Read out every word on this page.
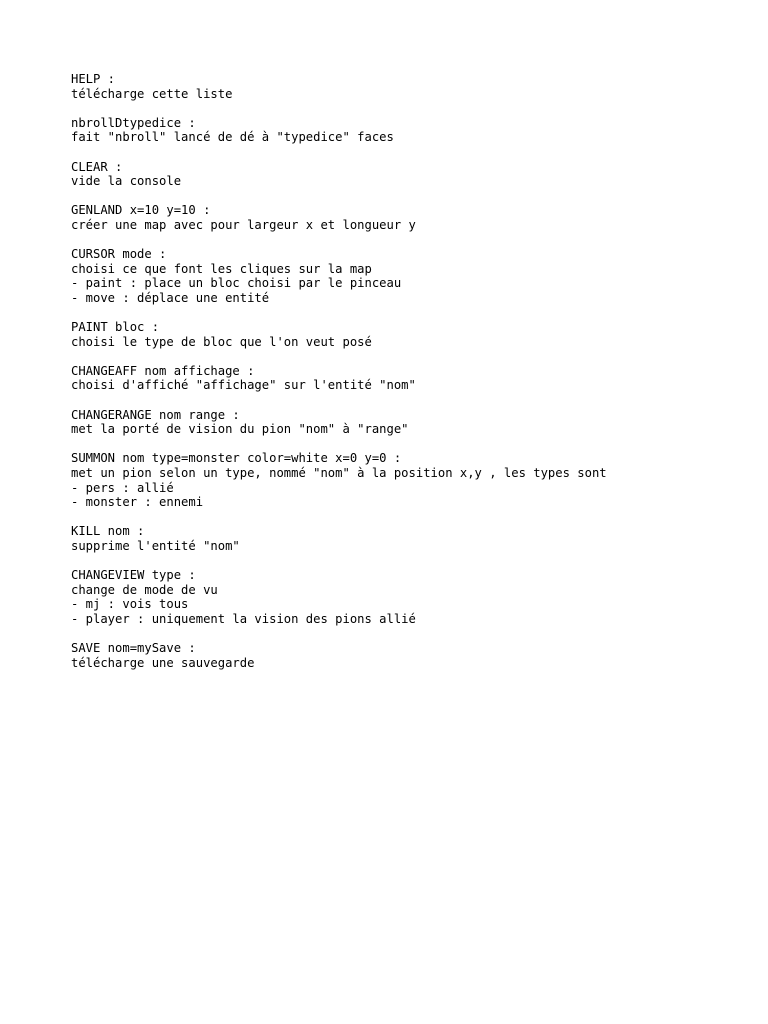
HELP :
télécharge cette liste
nbrollDtypedice :
fait "nbroll" lancé de dé à "typedice" faces
CLEAR :
vide la console
GENLAND x=10 y=10 :
créer une map avec pour largeur x et longueur y
CURSOR mode :
choisi ce que font les cliques sur la map
- paint : place un bloc choisi par le pinceau
- move : déplace une entité
PAINT bloc :
choisi le type de bloc que l'on veut posé
CHANGEAFF nom affichage :
choisi d'affiché "affichage" sur l'entité "nom"
CHANGERANGE nom range :
met la porté de vision du pion "nom" à "range"
SUMMON nom type=monster color=white x=0 y=0 :
met un pion selon un type, nommé "nom" à la position x,y , les types sont
- pers : allié
- monster : ennemi
KILL nom :
supprime l'entité "nom"
CHANGEVIEW type :
change de mode de vu
- mj : vois tous
- player : uniquement la vision des pions allié
SAVE nom=mySave :
télécharge une sauvegarde
